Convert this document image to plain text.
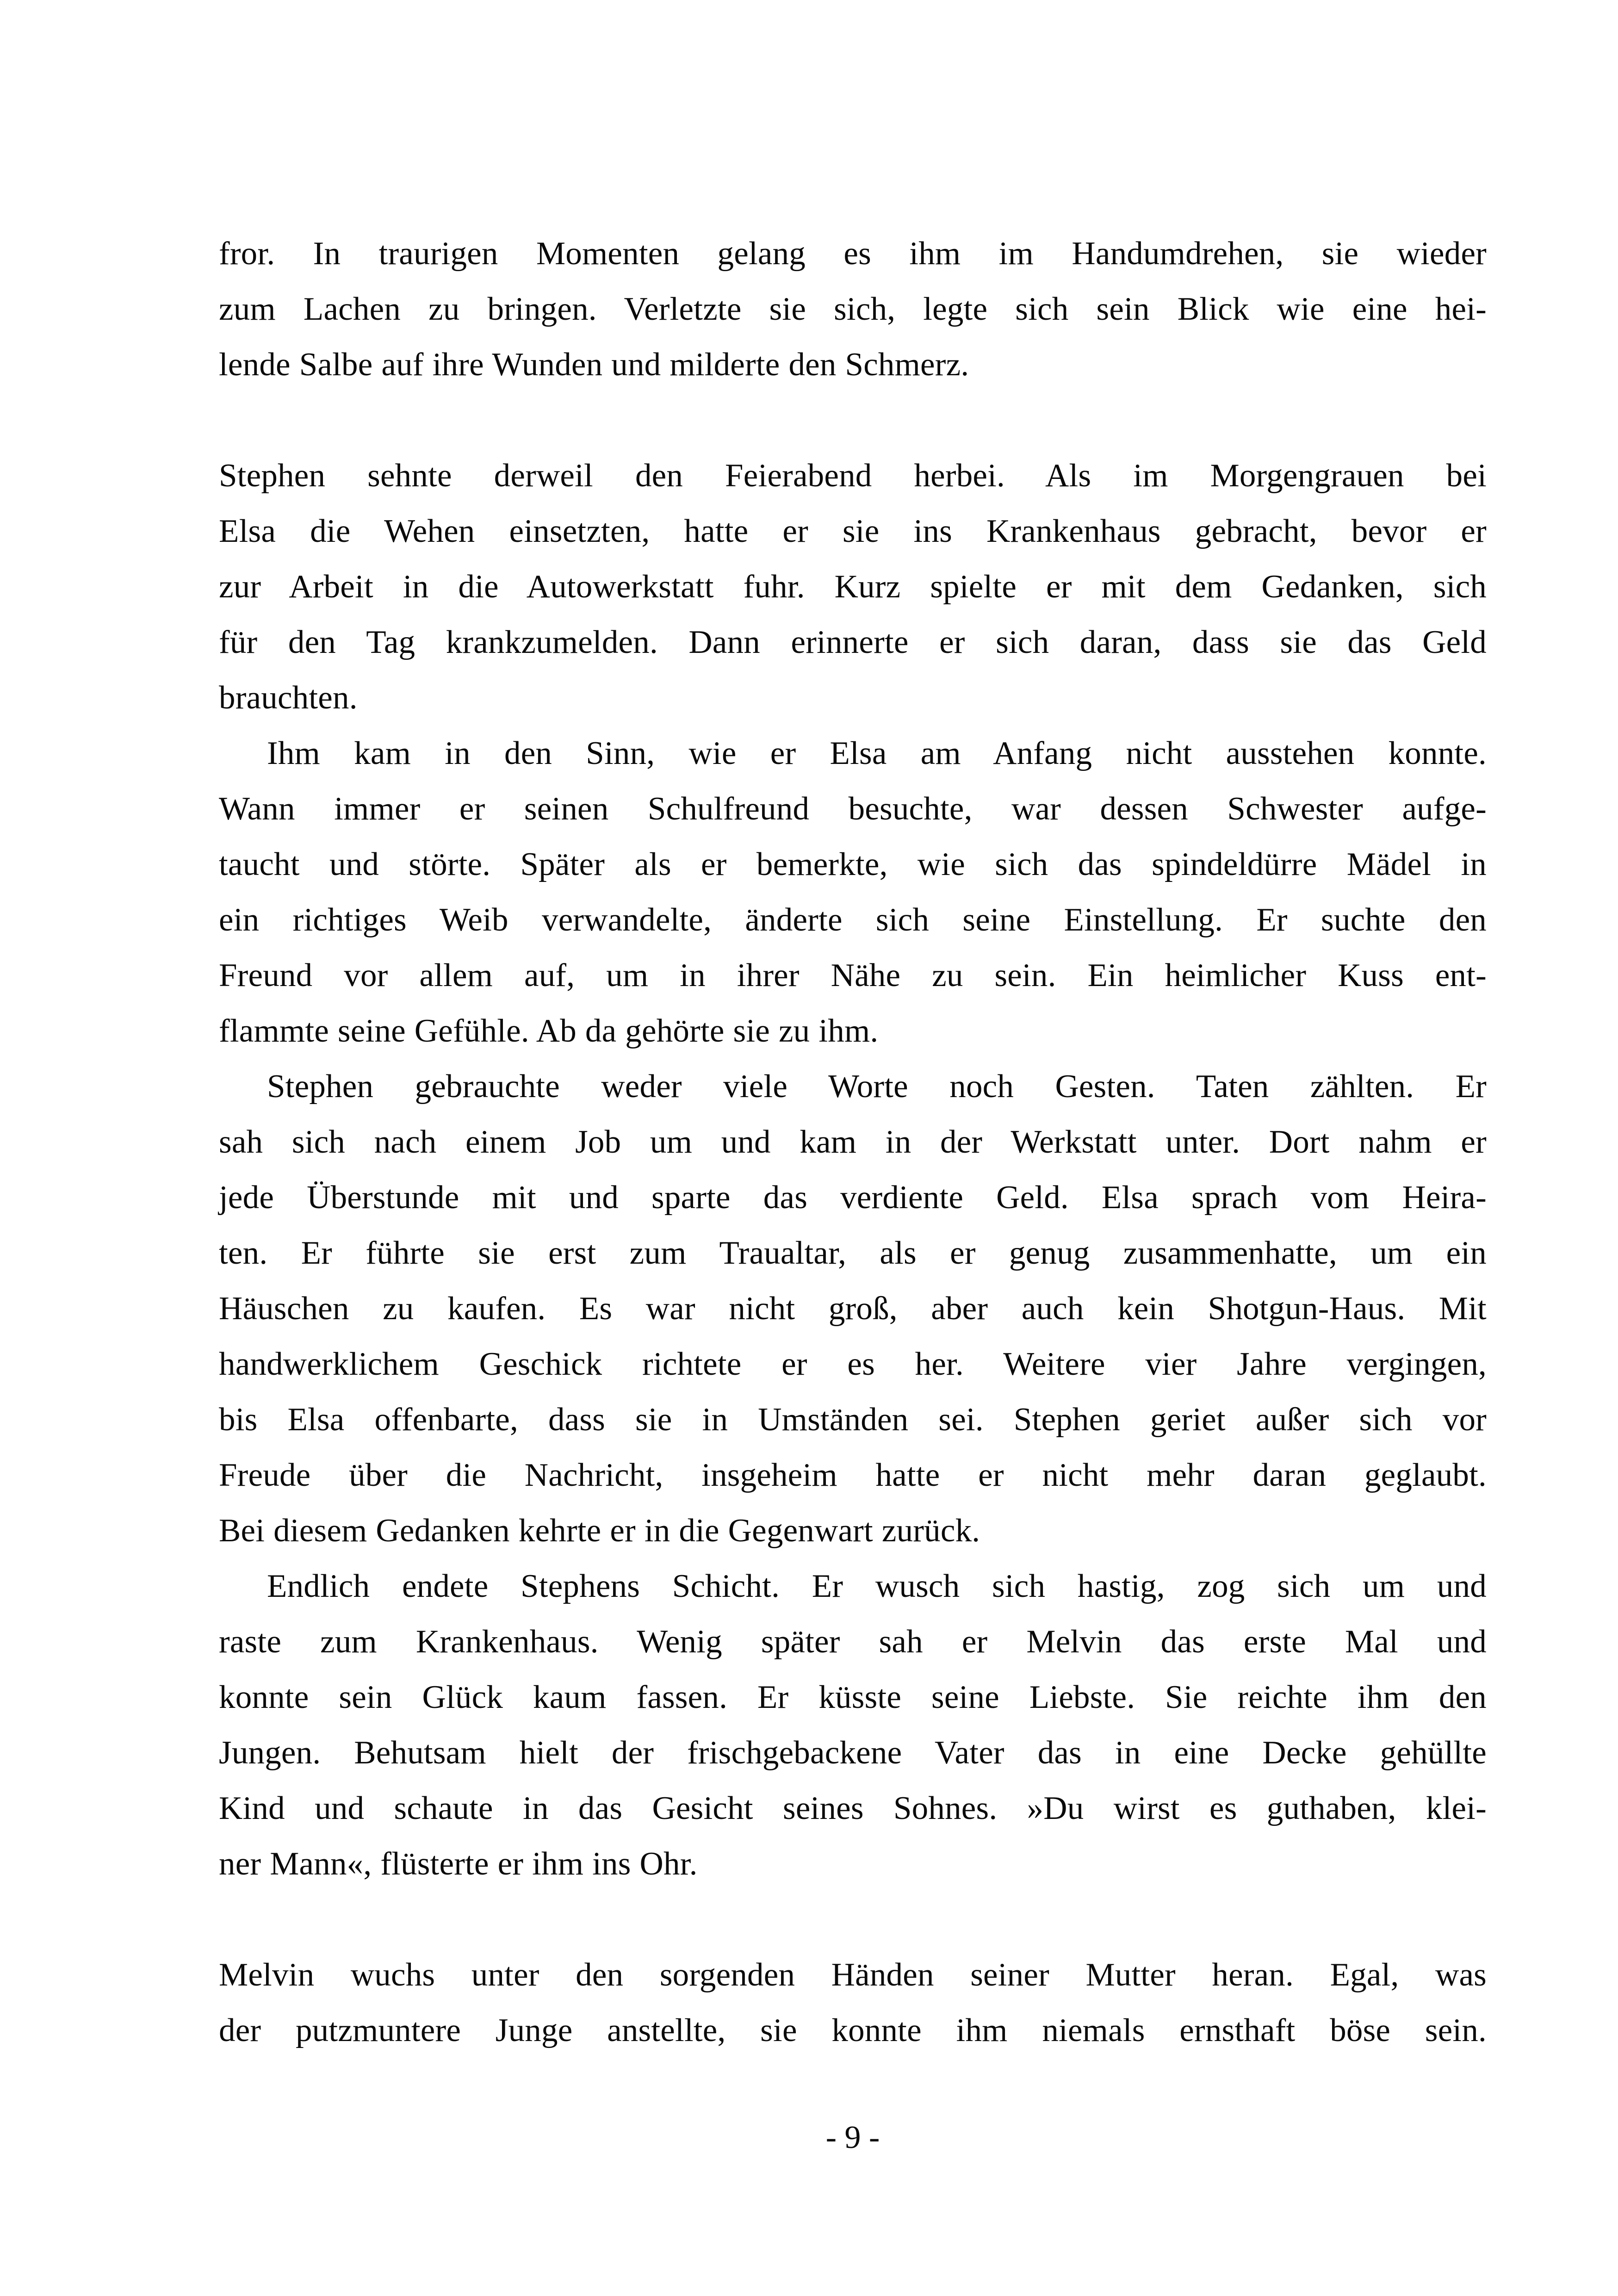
fror. In traurigen Momenten gelang es ihm im Handumdrehen, sie wieder
zum Lachen zu bringen. Verletzte sie sich, legte sich sein Blick wie eine hei-
lende Salbe auf ihre Wunden und milderte den Schmerz.
Stephen sehnte derweil den Feierabend herbei. Als im Morgengrauen bei
Elsa die Wehen einsetzten, hatte er sie ins Krankenhaus gebracht, bevor er
zur Arbeit in die Autowerkstatt fuhr. Kurz spielte er mit dem Gedanken, sich
für den Tag krankzumelden. Dann erinnerte er sich daran, dass sie das Geld
brauchten.
Ihm kam in den Sinn, wie er Elsa am Anfang nicht ausstehen konnte.
Wann immer er seinen Schulfreund besuchte, war dessen Schwester aufge-
taucht und störte. Später als er bemerkte, wie sich das spindeldürre Mädel in
ein richtiges Weib verwandelte, änderte sich seine Einstellung. Er suchte den
Freund vor allem auf, um in ihrer Nähe zu sein. Ein heimlicher Kuss ent-
flammte seine Gefühle. Ab da gehörte sie zu ihm.
Stephen gebrauchte weder viele Worte noch Gesten. Taten zählten. Er
sah sich nach einem Job um und kam in der Werkstatt unter. Dort nahm er
jede Überstunde mit und sparte das verdiente Geld. Elsa sprach vom Heira-
ten. Er führte sie erst zum Traualtar, als er genug zusammenhatte, um ein
Häuschen zu kaufen. Es war nicht groß, aber auch kein Shotgun-Haus. Mit
handwerklichem Geschick richtete er es her. Weitere vier Jahre vergingen,
bis Elsa offenbarte, dass sie in Umständen sei. Stephen geriet außer sich vor
Freude über die Nachricht, insgeheim hatte er nicht mehr daran geglaubt.
Bei diesem Gedanken kehrte er in die Gegenwart zurück.
Endlich endete Stephens Schicht. Er wusch sich hastig, zog sich um und
raste zum Krankenhaus. Wenig später sah er Melvin das erste Mal und
konnte sein Glück kaum fassen. Er küsste seine Liebste. Sie reichte ihm den
Jungen. Behutsam hielt der frischgebackene Vater das in eine Decke gehüllte
Kind und schaute in das Gesicht seines Sohnes. »Du wirst es guthaben, klei-
ner Mann«, flüsterte er ihm ins Ohr.
Melvin wuchs unter den sorgenden Händen seiner Mutter heran. Egal, was
der putzmuntere Junge anstellte, sie konnte ihm niemals ernsthaft böse sein.
- 9 -
